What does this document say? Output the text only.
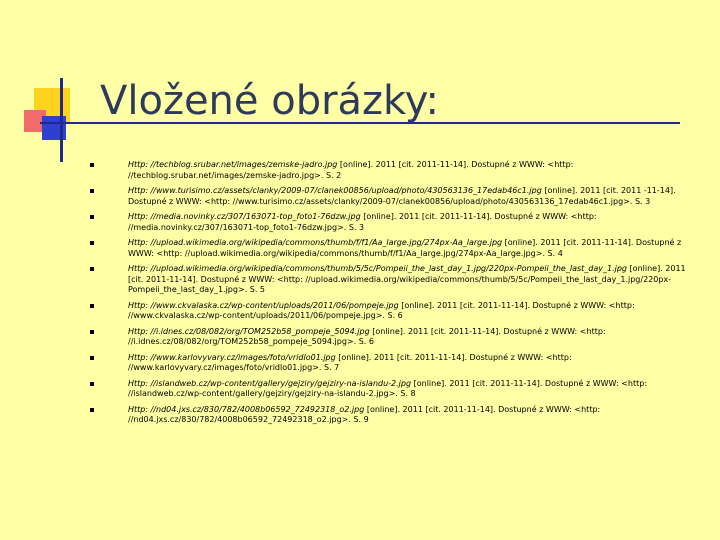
Vložené obrázky:
Http: //techblog.srubar.net/images/zemske-jadro.jpg [online]. 2011 [cit. 2011-11-14]. Dostupné z WWW: <http: //techblog.srubar.net/images/zemske-jadro.jpg>. S. 2
Http: //www.turisimo.cz/assets/clanky/2009-07/clanek00856/upload/photo/430563136_17edab46c1.jpg [online]. 2011 [cit. 2011 -11-14]. Dostupné z WWW: <http: //www.turisimo.cz/assets/clanky/2009-07/clanek00856/upload/photo/430563136_17edab46c1.jpg>. S. 3
Http: //media.novinky.cz/307/163071-top_foto1-76dzw.jpg [online]. 2011 [cit. 2011-11-14]. Dostupné z WWW: <http: //media.novinky.cz/307/163071-top_foto1-76dzw.jpg>. S. 3
Http: //upload.wikimedia.org/wikipedia/commons/thumb/f/f1/Aa_large.jpg/274px-Aa_large.jpg [online]. 2011 [cit. 2011-11-14]. Dostupné z WWW: <http: //upload.wikimedia.org/wikipedia/commons/thumb/f/f1/Aa_large.jpg/274px-Aa_large.jpg>. S. 4
Http: //upload.wikimedia.org/wikipedia/commons/thumb/5/5c/Pompeii_the_last_day_1.jpg/220px-Pompeii_the_last_day_1.jpg [online]. 2011 [cit. 2011-11-14]. Dostupné z WWW: <http: //upload.wikimedia.org/wikipedia/commons/thumb/5/5c/Pompeii_the_last_day_1.jpg/220px-Pompeii_the_last_day_1.jpg>. S. 5
Http: //www.ckvalaska.cz/wp-content/uploads/2011/06/pompeje.jpg [online]. 2011 [cit. 2011-11-14]. Dostupné z WWW: <http: //www.ckvalaska.cz/wp-content/uploads/2011/06/pompeje.jpg>. S. 6
Http: //i.idnes.cz/08/082/org/TOM252b58_pompeje_5094.jpg [online]. 2011 [cit. 2011-11-14]. Dostupné z WWW: <http: //i.idnes.cz/08/082/org/TOM252b58_pompeje_5094.jpg>. S. 6
Http: //www.karlovyvary.cz/images/foto/vridlo01.jpg [online]. 2011 [cit. 2011-11-14]. Dostupné z WWW: <http: //www.karlovyvary.cz/images/foto/vridlo01.jpg>. S. 7
Http: //islandweb.cz/wp-content/gallery/gejziry/gejziry-na-islandu-2.jpg [online]. 2011 [cit. 2011-11-14]. Dostupné z WWW: <http: //islandweb.cz/wp-content/gallery/gejziry/gejziry-na-islandu-2.jpg>. S. 8
Http: //nd04.jxs.cz/830/782/4008b06592_72492318_o2.jpg [online]. 2011 [cit. 2011-11-14]. Dostupné z WWW: <http: //nd04.jxs.cz/830/782/4008b06592_72492318_o2.jpg>. S. 9
